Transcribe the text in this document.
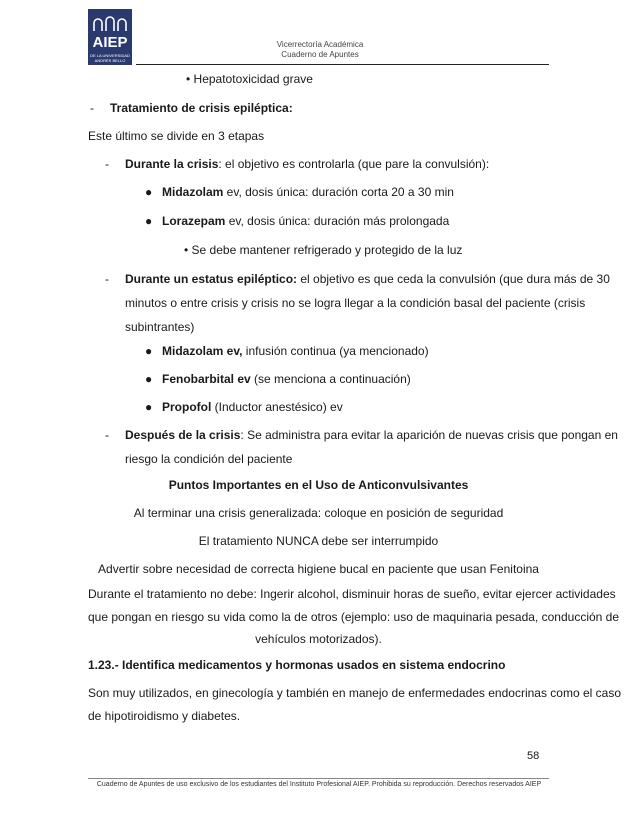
AIEP
DE LA UNIVERSIDAD
ANDRÉS BELLO
Vicerrectoría Académica
Cuaderno de Apuntes
• Hepatotoxicidad grave
- Tratamiento de crisis epiléptica:
Este último se divide en 3 etapas
- Durante la crisis: el objetivo es controlarla (que pare la convulsión):
● Midazolam ev, dosis única: duración corta 20 a 30 min
● Lorazepam ev, dosis única: duración más prolongada
• Se debe mantener refrigerado y protegido de la luz
- Durante un estatus epiléptico: el objetivo es que ceda la convulsión (que dura más de 30
minutos o entre crisis y crisis no se logra llegar a la condición basal del paciente (crisis
subintrantes)
● Midazolam ev, infusión continua (ya mencionado)
● Fenobarbital ev (se menciona a continuación)
● Propofol (Inductor anestésico) ev
- Después de la crisis: Se administra para evitar la aparición de nuevas crisis que pongan en
riesgo la condición del paciente
Puntos Importantes en el Uso de Anticonvulsivantes
Al terminar una crisis generalizada: coloque en posición de seguridad
El tratamiento NUNCA debe ser interrumpido
Advertir sobre necesidad de correcta higiene bucal en paciente que usan Fenitoina
Durante el tratamiento no debe: Ingerir alcohol, disminuir horas de sueño, evitar ejercer actividades
que pongan en riesgo su vida como la de otros (ejemplo: uso de maquinaria pesada, conducción de
vehículos motorizados).
1.23.- Identifica medicamentos y hormonas usados en sistema endocrino
Son muy utilizados, en ginecología y también en manejo de enfermedades endocrinas como el caso
de hipotiroidismo y diabetes.
58
Cuaderno de Apuntes de uso exclusivo de los estudiantes del Instituto Profesional AIEP. Prohibida su reproducción. Derechos reservados AIEP
